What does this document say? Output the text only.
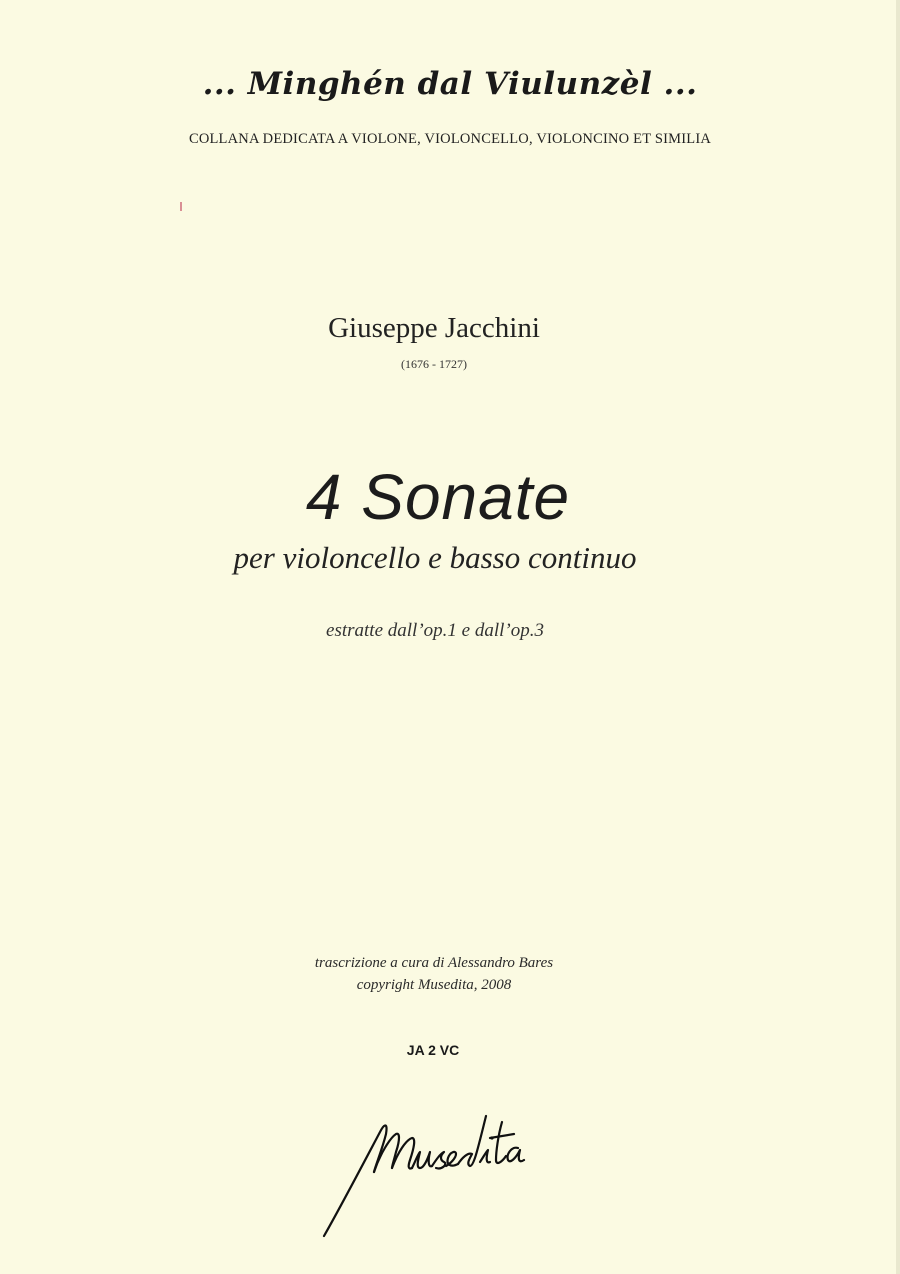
... Minghén dal Viulunzèl ...
COLLANA DEDICATA A VIOLONE, VIOLONCELLO, VIOLONCINO ET SIMILIA
Giuseppe Jacchini
(1676 - 1727)
4 Sonate
per violoncello e basso continuo
estratte dall’op.1 e dall’op.3
trascrizione a cura di Alessandro Bares
copyright Musedita, 2008
JA 2 VC
